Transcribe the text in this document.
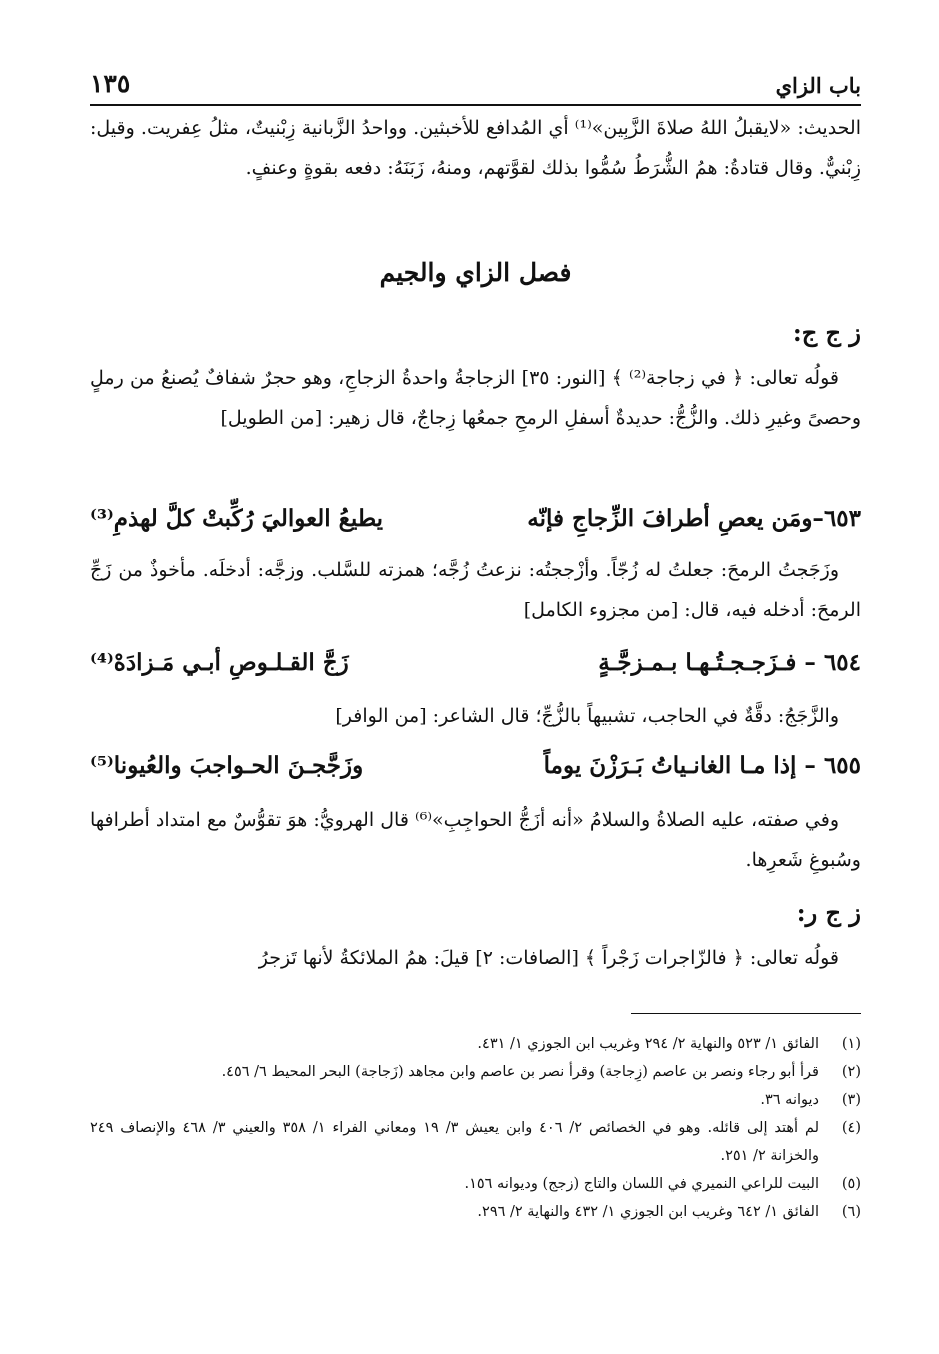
باب الزاي
١٣٥

الحديث: «لايقبلُ اللهُ صلاةَ الزَّبِين»⁽¹⁾ أي المُدافع للأخبثين. وواحدُ الزَّبانية زِبْنيتٌ، مثلُ عِفريت. وقيل: زِبْنيٌّ. وقال قتادةُ: همُ الشُّرَطُ سُمُّوا بذلك لقوَّتهم، ومنهُ، زَبَنَهُ: دفعه بقوةٍ وعنفٍ.

فصل الزاي والجيم
ز ج ج:

قولُه تعالى: ﴿ في زجاجة⁽²⁾ ﴾ [النور: ٣٥] الزجاجةُ واحدةُ الزجاجِ، وهو حجرٌ شفافٌ يُصنعُ من رملٍ وحصىً وغيرِ ذلك. والزُّجُّ: حديدةٌ أسفلِ الرمحِ جمعُها زِجاجٌ، قال زهير: [من الطويل]

٦٥٣–ومَن يعصِ أطرافَ الزِّجاجِ فإنّه
يطيعُ العواليَ رُكِّبتْ كلَّ لهذمِ⁽³⁾

وزَجَجتُ الرمحَ: جعلتُ له زُجّاً. وأزْججتُه: نزعتُ زُجَّه؛ همزته للسَّلب. وزجَّه: أدخلَه. مأخوذٌ من زَجِّ الرمحَ: أدخله فيه، قال: [من مجزوء الكامل]

٦٥٤ – فـزَجـجـتُـهـا بـمـزجَّـةٍ
زَجَّ القـلـوصِ أبـي مَـزادَهْ⁽⁴⁾

والزَّجَجُ: دقَّةٌ في الحاجب، تشبيهاً بالزُّجِّ؛ قال الشاعر: [من الوافر]

٦٥٥ – إذا مـا الغانـياتُ بَـرَزْنَ يوماً
وزَجَّجـنَ الحـواجبَ والعُيونا⁽⁵⁾

وفي صفته، عليه الصلاةُ والسلامُ «أنه أزَجُّ الحواجِبِ»⁽⁶⁾ قال الهرويُّ: هوَ تقوُّسٌ مع امتداد أطرافها وسُبوغِ شَعرِها.

ز ج ر:

قولُه تعالى: ﴿ فالزّاجرات زَجْراً ﴾ [الصافات: ٢] قيلَ: همُ الملائكةُ لأنها تَزجرُ

(١)
الفائق ١/ ٥٢٣ والنهاية ٢/ ٢٩٤ وغريب ابن الجوزي ١/ ٤٣١.
(٢)
قرأ أبو رجاء ونصر بن عاصم (زِجاجة) وقرأ نصر بن عاصم وابن مجاهد (زَجاجة) البحر المحيط ٦/ ٤٥٦.
(٣)
ديوانه ٣٦.
(٤)
لم أهتد إلى قائله. وهو في الخصائص ٢/ ٤٠٦ وابن يعيش ٣/ ١٩ ومعاني الفراء ١/ ٣٥٨ والعيني ٣/ ٤٦٨ والإنصاف ٢٤٩ والخزانة ٢/ ٢٥١.
(٥)
البيت للراعي النميري في اللسان والتاج (زجج) وديوانه ١٥٦.
(٦)
الفائق ١/ ٦٤٢ وغريب ابن الجوزي ١/ ٤٣٢ والنهاية ٢/ ٢٩٦.
